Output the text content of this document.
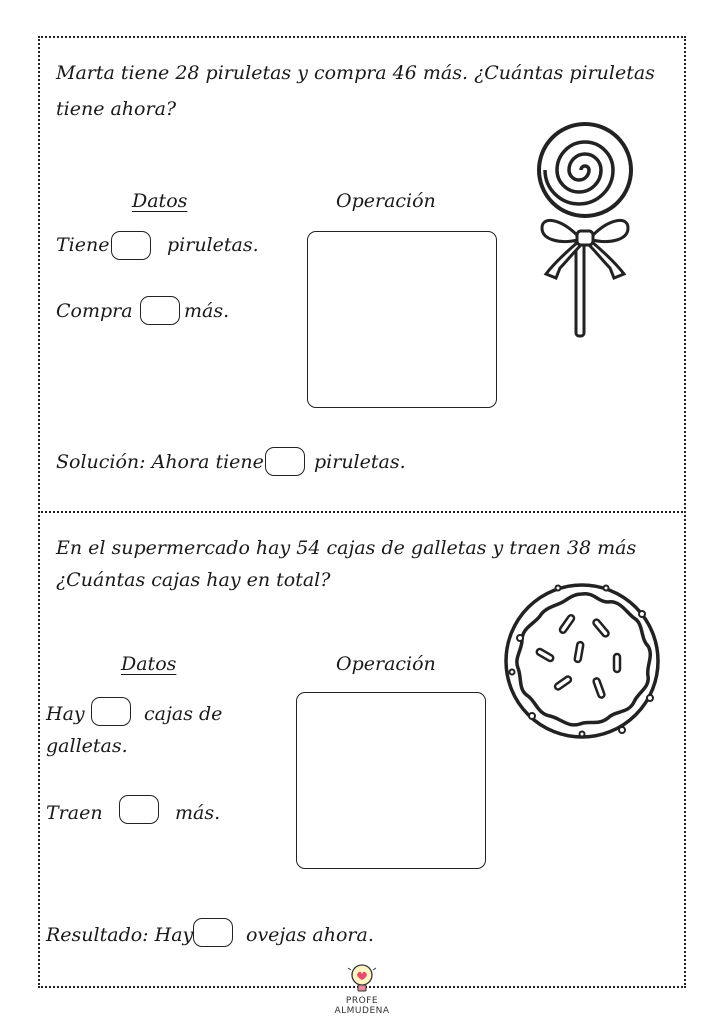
Marta tiene 28 piruletas y compra 46 más. ¿Cuántas piruletas
tiene ahora?
Datos	Operación
Tiene	piruletas.
Compra	más.
Solución: Ahora tiene	piruletas.
En el supermercado hay 54 cajas de galletas y traen 38 más
¿Cuántas cajas hay en total?
Datos	Operación
Hay	cajas de
galletas.
Traen	más.
Resultado: Hay	ovejas ahora.
PROFE ALMUDENA
